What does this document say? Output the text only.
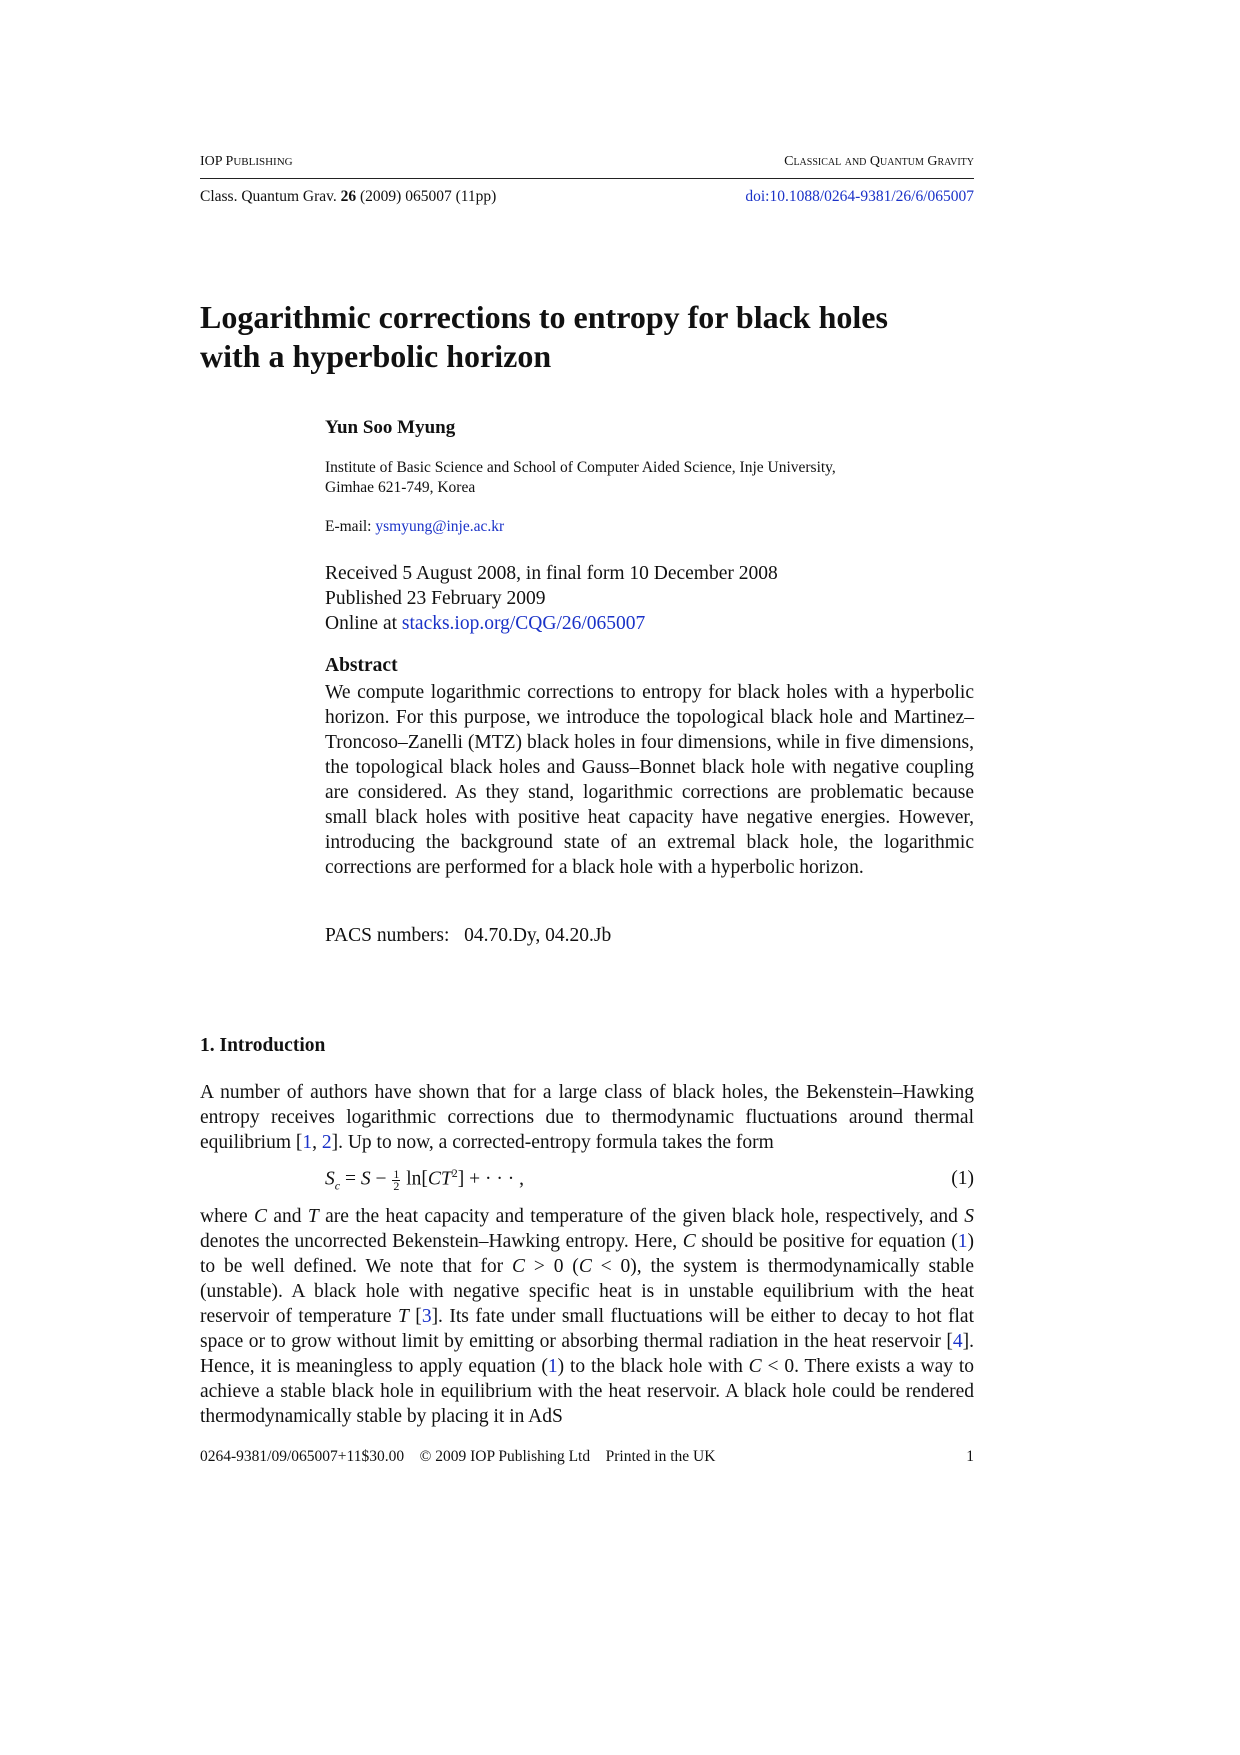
IOP PUBLISHING	Classical and Quantum Gravity
Class. Quantum Grav. 26 (2009) 065007 (11pp)	doi:10.1088/0264-9381/26/6/065007
Logarithmic corrections to entropy for black holes
with a hyperbolic horizon
Yun Soo Myung
Institute of Basic Science and School of Computer Aided Science, Inje University,
Gimhae 621-749, Korea
E-mail: ysmyung@inje.ac.kr
Received 5 August 2008, in final form 10 December 2008
Published 23 February 2009
Online at stacks.iop.org/CQG/26/065007
Abstract
We compute logarithmic corrections to entropy for black holes with a hyperbolic horizon. For this purpose, we introduce the topological black hole and Martinez–Troncoso–Zanelli (MTZ) black holes in four dimensions, while in five dimensions, the topological black holes and Gauss–Bonnet black hole with negative coupling are considered. As they stand, logarithmic corrections are problematic because small black holes with positive heat capacity have negative energies. However, introducing the background state of an extremal black hole, the logarithmic corrections are performed for a black hole with a hyperbolic horizon.
PACS numbers: 04.70.Dy, 04.20.Jb
1. Introduction
A number of authors have shown that for a large class of black holes, the Bekenstein–Hawking entropy receives logarithmic corrections due to thermodynamic fluctuations around thermal equilibrium [1, 2]. Up to now, a corrected-entropy formula takes the form
$S_c = S - \frac{1}{2} \ln[CT^2]$ + · · · ,	(1)
where C and T are the heat capacity and temperature of the given black hole, respectively, and S denotes the uncorrected Bekenstein–Hawking entropy. Here, C should be positive for equation (1) to be well defined. We note that for C > 0 (C < 0), the system is thermodynamically stable (unstable). A black hole with negative specific heat is in unstable equilibrium with the heat reservoir of temperature T [3]. Its fate under small fluctuations will be either to decay to hot flat space or to grow without limit by emitting or absorbing thermal radiation in the heat reservoir [4]. Hence, it is meaningless to apply equation (1) to the black hole with C < 0. There exists a way to achieve a stable black hole in equilibrium with the heat reservoir. A black hole could be rendered thermodynamically stable by placing it in AdS
0264-9381/09/065007+11$30.00 © 2009 IOP Publishing Ltd Printed in the UK	1
